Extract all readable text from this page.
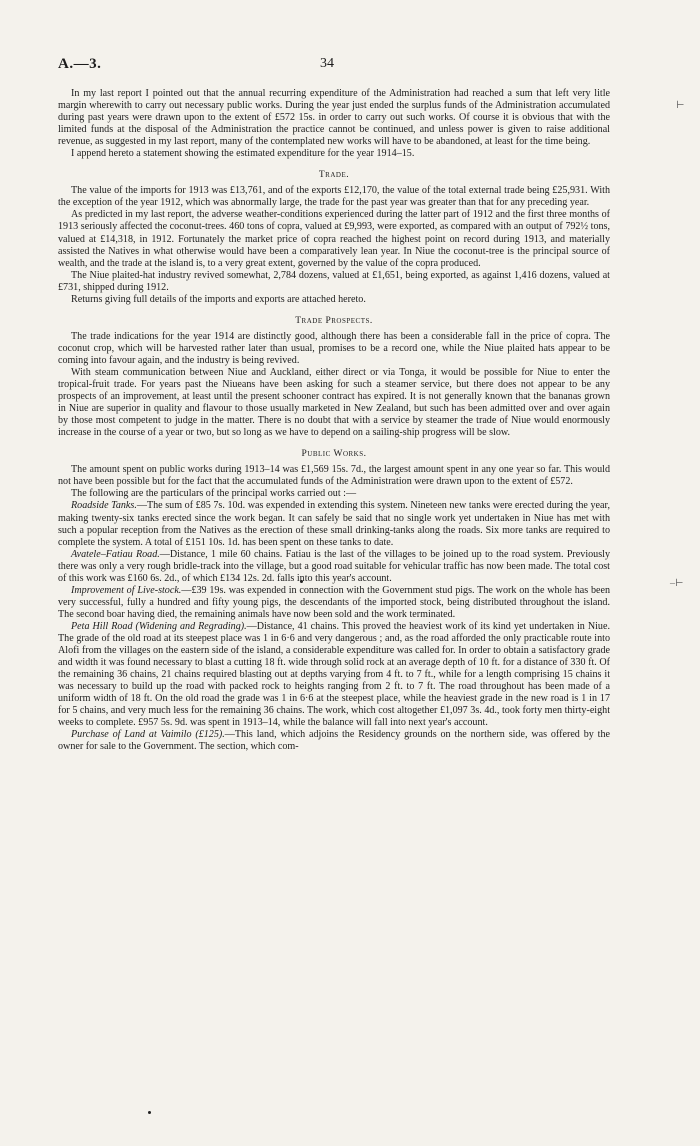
A.—3.	34
⊢
–⊢

In my last report I pointed out that the annual recurring expenditure of the Administration had reached a sum that left very litle margin wherewith to carry out necessary public works. During the year just ended the surplus funds of the Administration accumulated during past years were drawn upon to the extent of £572 15s. in order to carry out such works. Of course it is obvious that with the limited funds at the disposal of the Administration the practice cannot be continued, and unless power is given to raise additional revenue, as suggested in my last report, many of the contemplated new works will have to be abandoned, at least for the time being.

I append hereto a statement showing the estimated expenditure for the year 1914–15.

Trade.

The value of the imports for 1913 was £13,761, and of the exports £12,170, the value of the total external trade being £25,931. With the exception of the year 1912, which was abnormally large, the trade for the past year was greater than that for any preceding year.

As predicted in my last report, the adverse weather-conditions experienced during the latter part of 1912 and the first three months of 1913 seriously affected the coconut-trees. 460 tons of copra, valued at £9,993, were exported, as compared with an output of 792½ tons, valued at £14,318, in 1912. Fortunately the market price of copra reached the highest point on record during 1913, and materially assisted the Natives in what otherwise would have been a comparatively lean year. In Niue the coconut-tree is the principal source of wealth, and the trade at the island is, to a very great extent, governed by the value of the copra produced.

The Niue plaited-hat industry revived somewhat, 2,784 dozens, valued at £1,651, being exported, as against 1,416 dozens, valued at £731, shipped during 1912.

Returns giving full details of the imports and exports are attached hereto.

Trade Prospects.

The trade indications for the year 1914 are distinctly good, although there has been a considerable fall in the price of copra. The coconut crop, which will be harvested rather later than usual, promises to be a record one, while the Niue plaited hats appear to be coming into favour again, and the industry is being revived.

With steam communication between Niue and Auckland, either direct or via Tonga, it would be possible for Niue to enter the tropical-fruit trade. For years past the Niueans have been asking for such a steamer service, but there does not appear to be any prospects of an improvement, at least until the present schooner contract has expired. It is not generally known that the bananas grown in Niue are superior in quality and flavour to those usually marketed in New Zealand, but such has been admitted over and over again by those most competent to judge in the matter. There is no doubt that with a service by steamer the trade of Niue would enormously increase in the course of a year or two, but so long as we have to depend on a sailing-ship progress will be slow.

Public Works.

The amount spent on public works during 1913–14 was £1,569 15s. 7d., the largest amount spent in any one year so far. This would not have been possible but for the fact that the accumulated funds of the Administration were drawn upon to the extent of £572.

The following are the particulars of the principal works carried out :—

Roadside Tanks.—The sum of £85 7s. 10d. was expended in extending this system. Nineteen new tanks were erected during the year, making twenty-six tanks erected since the work began. It can safely be said that no single work yet undertaken in Niue has met with such a popular reception from the Natives as the erection of these small drinking-tanks along the roads. Six more tanks are required to complete the system. A total of £151 10s. 1d. has been spent on these tanks to date.

Avatele–Fatiau Road.—Distance, 1 mile 60 chains. Fatiau is the last of the villages to be joined up to the road system. Previously there was only a very rough bridle-track into the village, but a good road suitable for vehicular traffic has now been made. The total cost of this work was £160 6s. 2d., of which £134 12s. 2d. falls into this year's account.

Improvement of Live-stock.—£39 19s. was expended in connection with the Government stud pigs. The work on the whole has been very successful, fully a hundred and fifty young pigs, the descendants of the imported stock, being distributed throughout the island. The second boar having died, the remaining animals have now been sold and the work terminated.

Peta Hill Road (Widening and Regrading).—Distance, 41 chains. This proved the heaviest work of its kind yet undertaken in Niue. The grade of the old road at its steepest place was 1 in 6·6 and very dangerous ; and, as the road afforded the only practicable route into Alofi from the villages on the eastern side of the island, a considerable expenditure was called for. In order to obtain a satisfactory grade and width it was found necessary to blast a cutting 18 ft. wide through solid rock at an average depth of 10 ft. for a distance of 330 ft. Of the remaining 36 chains, 21 chains required blasting out at depths varying from 4 ft. to 7 ft., while for a length comprising 15 chains it was necessary to build up the road with packed rock to heights ranging from 2 ft. to 7 ft. The road throughout has been made of a uniform width of 18 ft. On the old road the grade was 1 in 6·6 at the steepest place, while the heaviest grade in the new road is 1 in 17 for 5 chains, and very much less for the remaining 36 chains. The work, which cost altogether £1,097 3s. 4d., took forty men thirty-eight weeks to complete. £957 5s. 9d. was spent in 1913–14, while the balance will fall into next year's account.

Purchase of Land at Vaimilo (£125).—This land, which adjoins the Residency grounds on the northern side, was offered by the owner for sale to the Government. The section, which com-
